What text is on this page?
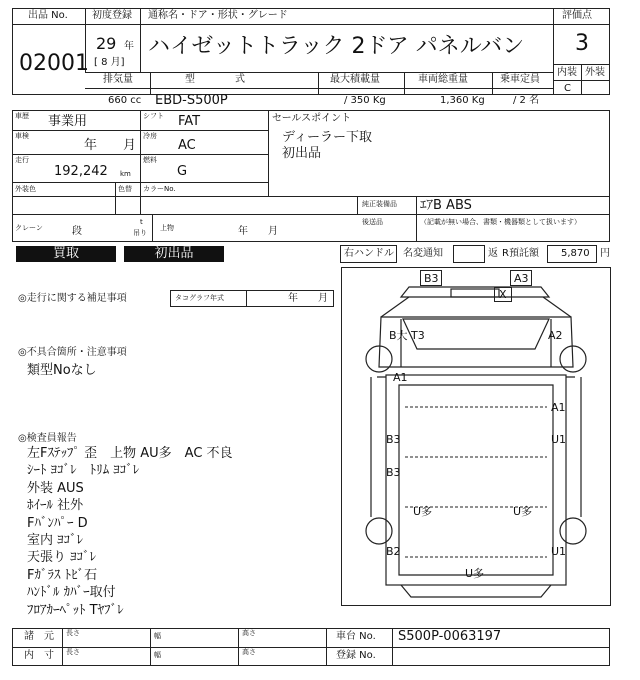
出品 No. 初度登録 通称名・ドア・形状・グレード	評価点
02001
29 年
[ 8 月]
ハイゼットトラック 2ドア パネルバン 3
内装 外装
C
排気量	型　　　　式	最大積載量	車両総重量	乗車定員
660 cc EBD-S500P	/ 350 Kg	1,360 Kg	/ 2 名
車歴 事業用	シフト FAT
車検
年　　月
冷房
AC
走行
192,242 km
燃料
G
外装色	色替 カラーNo.
セールスポイント
ディーラー下取
初出品
純正装備品 ｴｱB ABS
後送品	（記載が無い場合、書類・機器類として扱います）
クレーン	段
t
吊り
上物	年　　月
買取	初出品	右ハンドル 名変通知	返 R預託額 5,870 円
◎走行に関する補足事項	タコグラフ年式	年　　月
◎不具合箇所・注意事項
類型Noなし
◎検査員報告
左Fｽﾃｯﾌﾟ 歪　上物 AU多　AC 不良
ｼｰﾄ ﾖｺﾞﾚ　ﾄﾘﾑ ﾖｺﾞﾚ
外装 AUS
ﾎｲｰﾙ 社外
Fﾊﾞﾝﾊﾟｰ D
室内 ﾖｺﾞﾚ
天張り ﾖｺﾞﾚ
Fｶﾞﾗｽ ﾄﾋﾞ石
ﾊﾝﾄﾞﾙ ｶﾊﾞｰ取付
ﾌﾛｱｶｰﾍﾟｯﾄ Tﾔﾌﾞﾚ
B3	A3
X
B大 T3	A2
A1
A1
B3	U1
B3
U多	U多
B2	U1
U多
諸　元
内　寸
長さ
長さ
幅
幅
高さ
高さ
車台 No. S500P-0063197
登録 No.
